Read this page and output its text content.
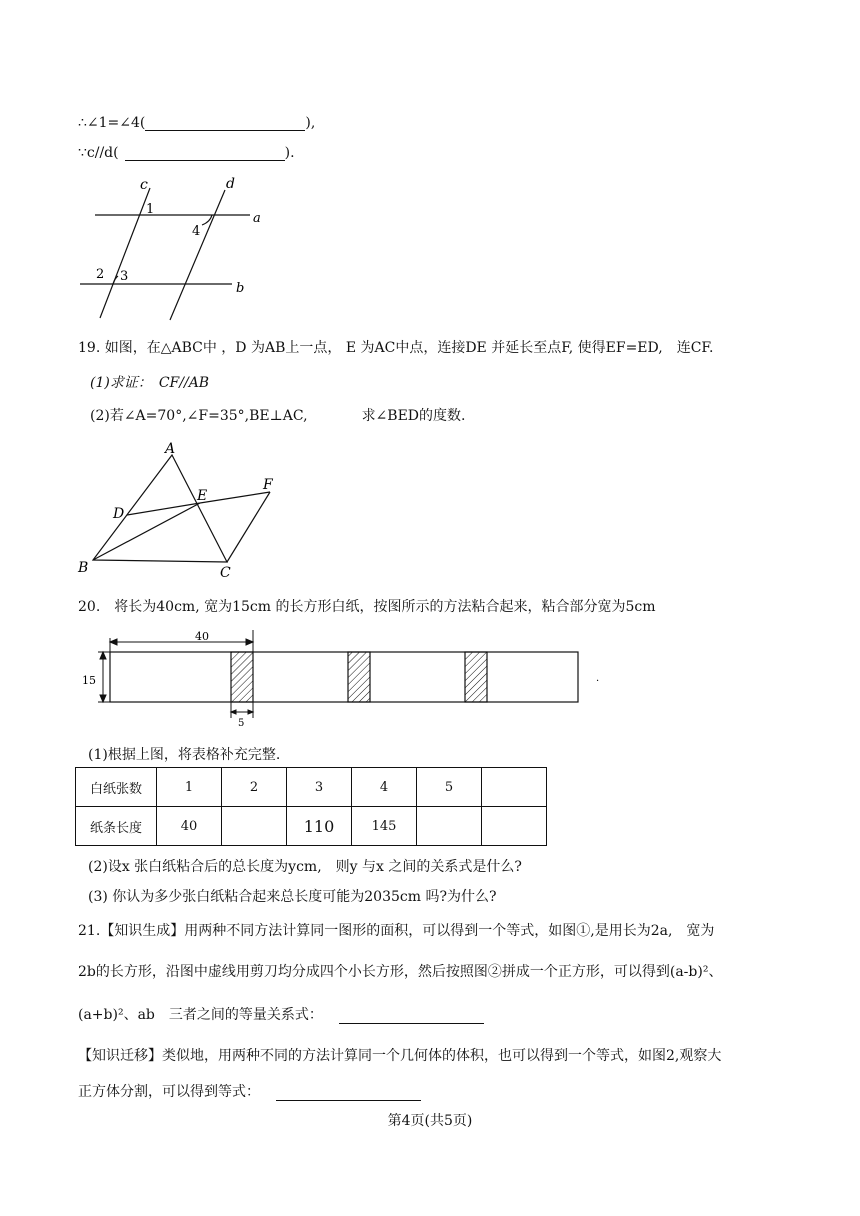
∴∠1=∠4(	),
∵c//d(	).
c	d
a
b
1
2 3
4
19. 如图，在△ABC中 ，D 为AB上一点， E 为AC中点，连接DE 并延长至点F, 使得EF=ED,　连CF.
(1)求证：　CF//AB
(2)若∠A=70°,∠F=35°,BE⊥AC,	求∠BED的度数.
A
B	C
D
E
F
20.　将长为40cm, 宽为15cm 的长方形白纸，按图所示的方法粘合起来，粘合部分宽为5cm
40
15
5
·
(1)根据上图，将表格补充完整.
白纸张数	1	2	3	4	5	
纸条长度	40		110	145		
(2)设x 张白纸粘合后的总长度为ycm,　则y 与x 之间的关系式是什么?
(3) 你认为多少张白纸粘合起来总长度可能为2035cm 吗?为什么?
21.【知识生成】用两种不同方法计算同一图形的面积，可以得到一个等式，如图①,是用长为2a,　宽为
2b的长方形，沿图中虚线用剪刀均分成四个小长方形，然后按照图②拼成一个正方形，可以得到(a-b)²、
(a+b)²、ab　三者之间的等量关系式：
【知识迁移】类似地，用两种不同的方法计算同一个几何体的体积，也可以得到一个等式，如图2,观察大
正方体分割，可以得到等式：
第4页(共5页)
